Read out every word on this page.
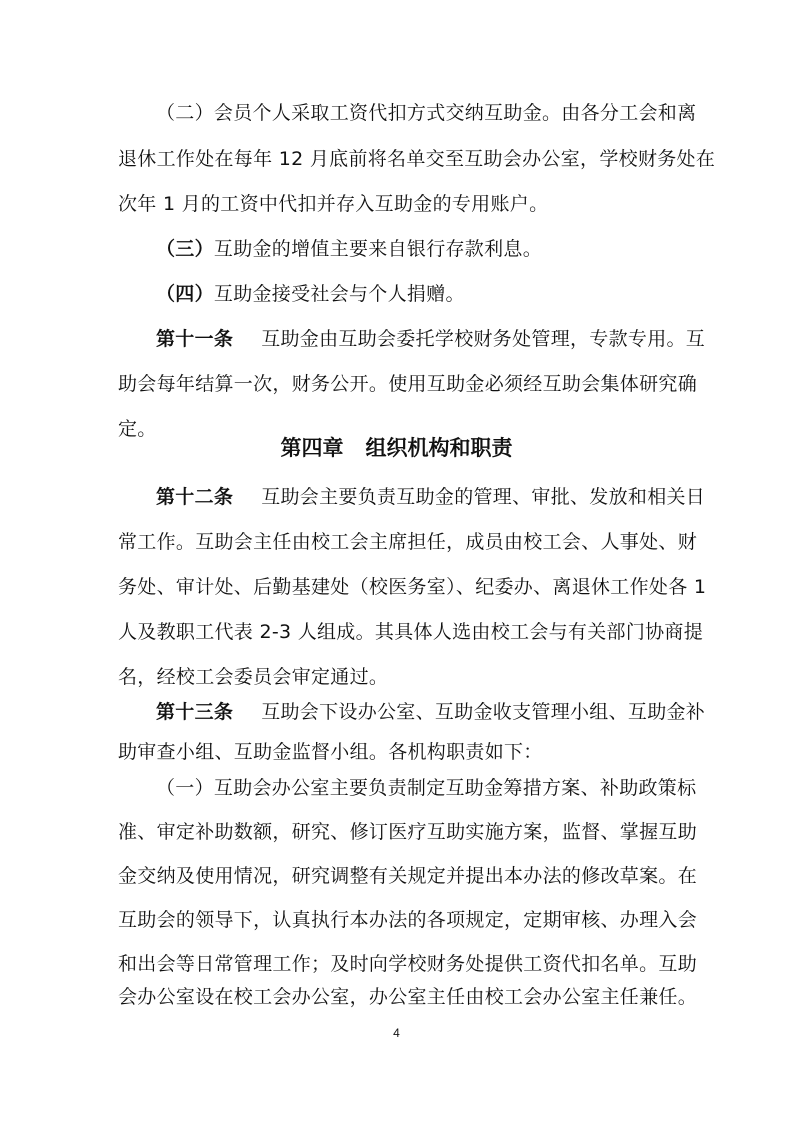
（二）会员个人采取工资代扣方式交纳互助金。由各分工会和离
退休工作处在每年 12 月底前将名单交至互助会办公室，学校财务处在
次年 1 月的工资中代扣并存入互助金的专用账户。
（三）互助金的增值主要来自银行存款利息。
（四）互助金接受社会与个人捐赠。
第十一条 互助金由互助会委托学校财务处管理，专款专用。互
助会每年结算一次，财务公开。使用互助金必须经互助会集体研究确
定。
第四章 组织机构和职责
第十二条 互助会主要负责互助金的管理、审批、发放和相关日
常工作。互助会主任由校工会主席担任，成员由校工会、人事处、财
务处、审计处、后勤基建处（校医务室）、纪委办、离退休工作处各 1
人及教职工代表 2-3 人组成。其具体人选由校工会与有关部门协商提
名，经校工会委员会审定通过。
第十三条 互助会下设办公室、互助金收支管理小组、互助金补
助审查小组、互助金监督小组。各机构职责如下：
（一）互助会办公室主要负责制定互助金筹措方案、补助政策标
准、审定补助数额，研究、修订医疗互助实施方案，监督、掌握互助
金交纳及使用情况，研究调整有关规定并提出本办法的修改草案。在
互助会的领导下，认真执行本办法的各项规定，定期审核、办理入会
和出会等日常管理工作；及时向学校财务处提供工资代扣名单。互助
4
会办公室设在校工会办公室，办公室主任由校工会办公室主任兼任。
